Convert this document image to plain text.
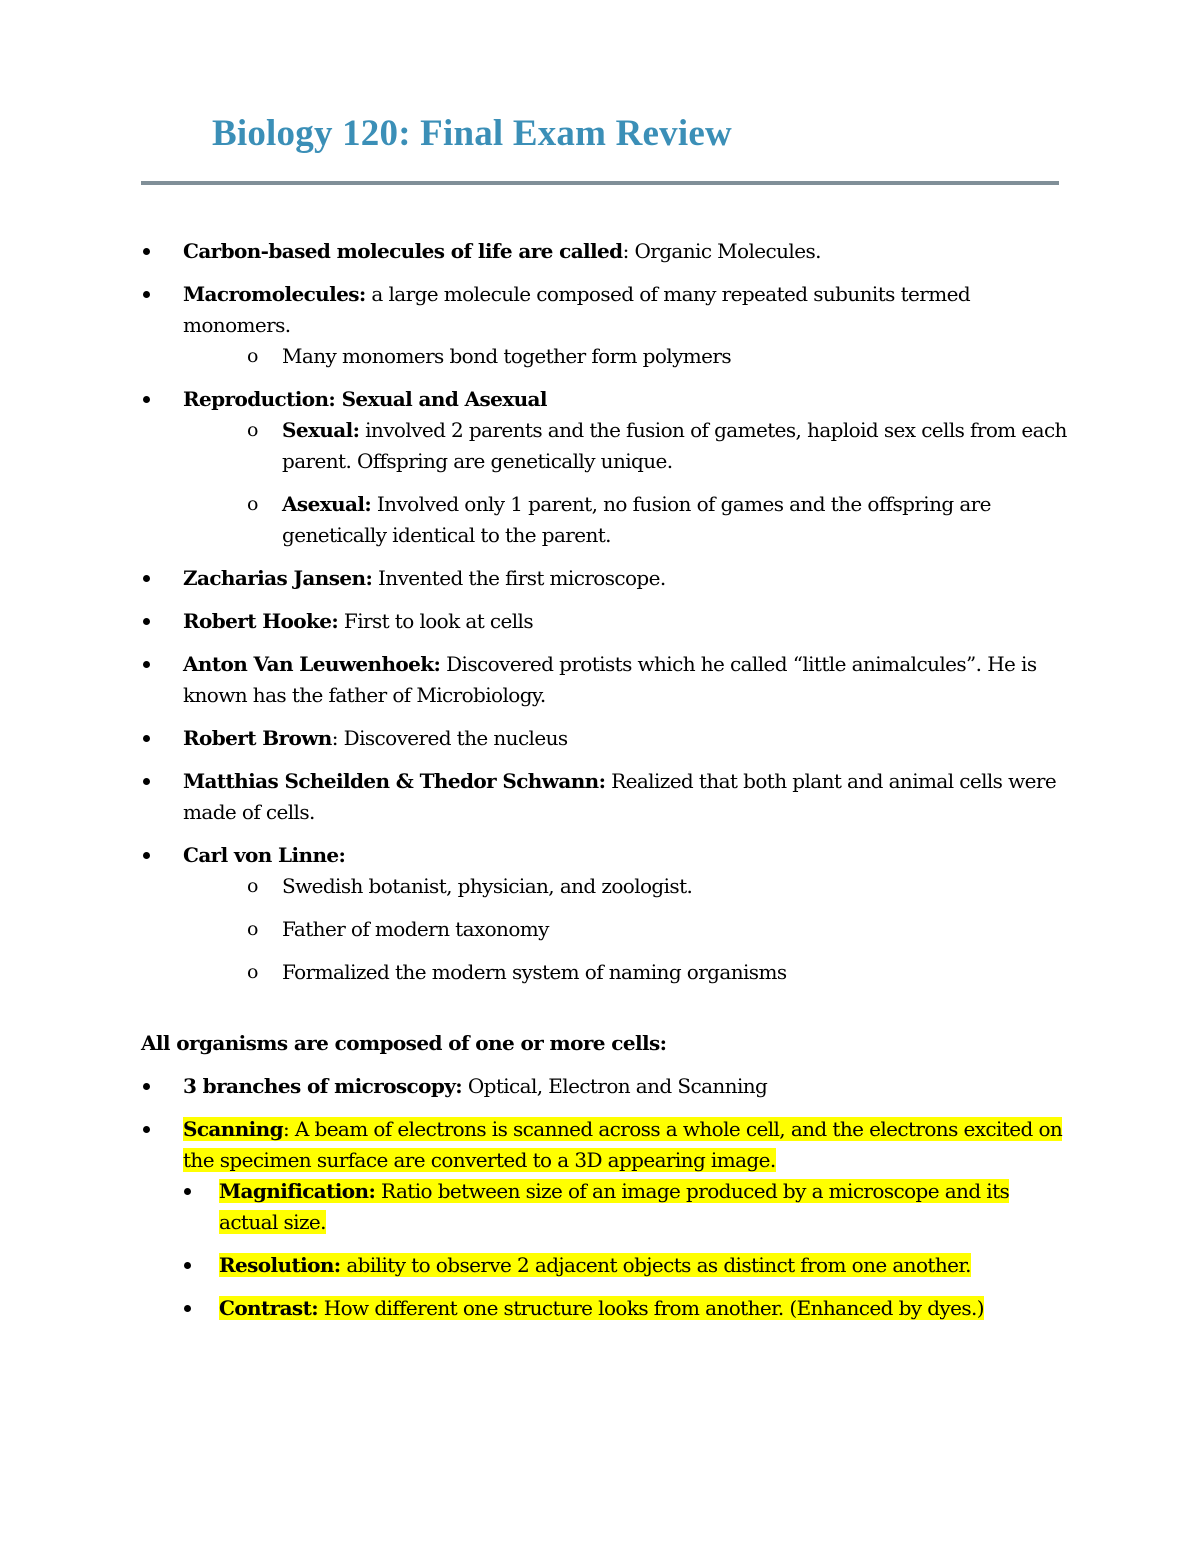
Biology 120: Final Exam Review
Carbon-based molecules of life are called: Organic Molecules.
Macromolecules: a large molecule composed of many repeated subunits termed monomers.
o Many monomers bond together form polymers
Reproduction: Sexual and Asexual
o Sexual: involved 2 parents and the fusion of gametes, haploid sex cells from each parent. Offspring are genetically unique.
o Asexual: Involved only 1 parent, no fusion of games and the offspring are genetically identical to the parent.
Zacharias Jansen: Invented the first microscope.
Robert Hooke: First to look at cells
Anton Van Leuwenhoek: Discovered protists which he called “little animalcules”. He is known has the father of Microbiology.
Robert Brown: Discovered the nucleus
Matthias Scheilden & Thedor Schwann: Realized that both plant and animal cells were made of cells.
Carl von Linne:
o Swedish botanist, physician, and zoologist.
o Father of modern taxonomy
o Formalized the modern system of naming organisms
All organisms are composed of one or more cells:
3 branches of microscopy: Optical, Electron and Scanning
Scanning: A beam of electrons is scanned across a whole cell, and the electrons excited on the specimen surface are converted to a 3D appearing image.
Magnification: Ratio between size of an image produced by a microscope and its actual size.
Resolution: ability to observe 2 adjacent objects as distinct from one another.
Contrast: How different one structure looks from another. (Enhanced by dyes.)
